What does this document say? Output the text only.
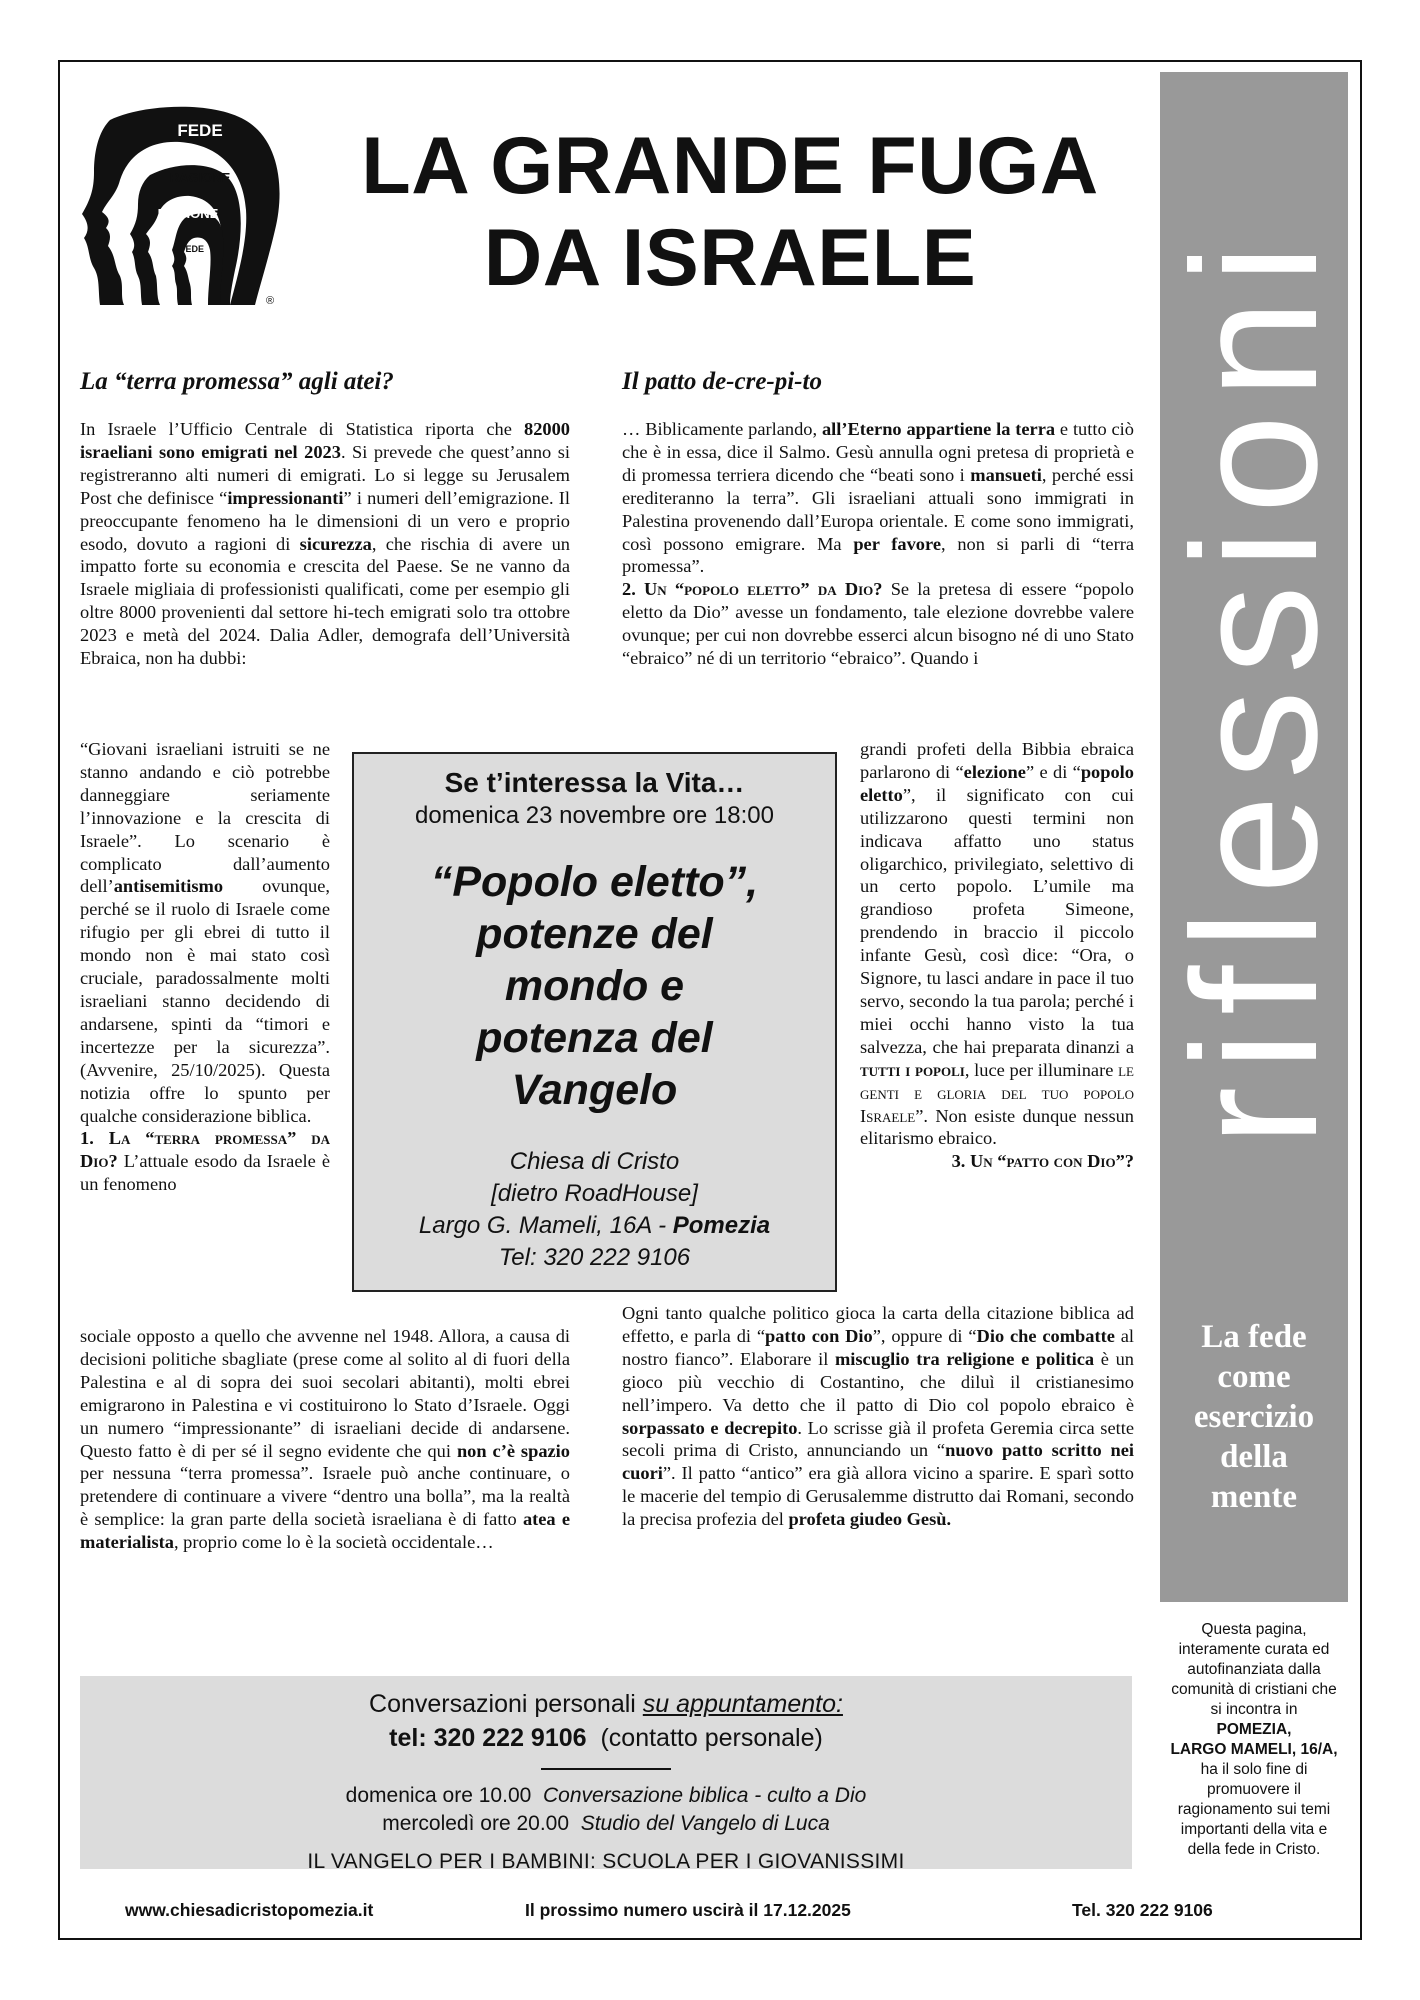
FEDE
RAGIONE
RAGIONE
FEDE
®
LA GRANDE FUGA
DA ISRAELE	riflessioni
La fede
come
esercizio
della
mente
Questa pagina, interamente curata ed autofinanziata dalla comunità di cristiani che si incontra in
POMEZIA,
LARGO MAMELI, 16/A,
ha il solo fine di promuovere il ragionamento sui temi importanti della vita e della fede in Cristo.
La “terra promessa” agli atei?

In Israele l’Ufficio Centrale di Statistica riporta che 82000 israeliani sono emigrati nel 2023. Si prevede che quest’anno si registreranno alti numeri di emigrati. Lo si legge su Jerusalem Post che definisce “impressionanti” i numeri dell’emigrazione. Il preoccupante fenomeno ha le dimensioni di un vero e proprio esodo, dovuto a ragioni di sicurezza, che rischia di avere un impatto forte su economia e crescita del Paese. Se ne vanno da Israele migliaia di professionisti qualificati, come per esempio gli oltre 8000 provenienti dal settore hi-tech emigrati solo tra ottobre 2023 e metà del 2024. Dalia Adler, demografa dell’Università Ebraica, non ha dubbi:

“Giovani israeliani istruiti se ne stanno andando e ciò potrebbe danneggiare seriamente l’innovazione e la crescita di Israele”. Lo scenario è complicato dall’aumento dell’antisemitismo ovunque, perché se il ruolo di Israele come rifugio per gli ebrei di tutto il mondo non è mai stato così cruciale, paradossalmente molti israeliani stanno decidendo di andarsene, spinti da “timori e incertezze per la sicurezza”. (Avvenire, 25/10/2025). Questa notizia offre lo spunto per qualche considerazione biblica.

1. La “terra promessa” da Dio? L’attuale esodo da Israele è un fenomeno

sociale opposto a quello che avvenne nel 1948. Allora, a causa di decisioni politiche sbagliate (prese come al solito al di fuori della Palestina e al di sopra dei suoi secolari abitanti), molti ebrei emigrarono in Palestina e vi costituirono lo Stato d’Israele. Oggi un numero “impressionante” di israeliani decide di andarsene. Questo fatto è di per sé il segno evidente che qui non c’è spazio per nessuna “terra promessa”. Israele può anche continuare, o pretendere di continuare a vivere “dentro una bolla”, ma la realtà è semplice: la gran parte della società israeliana è di fatto atea e materialista, proprio come lo è la società occidentale…

Il patto de-cre-pi-to

… Biblicamente parlando, all’Eterno appartiene la terra e tutto ciò che è in essa, dice il Salmo. Gesù annulla ogni pretesa di proprietà e di promessa terriera dicendo che “beati sono i mansueti, perché essi erediteranno la terra”. Gli israeliani attuali sono immigrati in Palestina provenendo dall’Europa orientale. E come sono immigrati, così possono emigrare. Ma per favore, non si parli di “terra promessa”.

2. Un “popolo eletto” da Dio? Se la pretesa di essere “popolo eletto da Dio” avesse un fondamento, tale elezione dovrebbe valere ovunque; per cui non dovrebbe esserci alcun bisogno né di uno Stato “ebraico” né di un territorio “ebraico”. Quando i

grandi profeti della Bibbia ebraica parlarono di “elezione” e di “popolo eletto”, il significato con cui utilizzarono questi termini non indicava affatto uno status oligarchico, privilegiato, selettivo di un certo popolo. L’umile ma grandioso profeta Simeone, prendendo in braccio il piccolo infante Gesù, così dice: “Ora, o Signore, tu lasci andare in pace il tuo servo, secondo la tua parola; perché i miei occhi hanno visto la tua salvezza, che hai preparata dinanzi a tutti i popoli, luce per illuminare le genti e gloria del tuo popolo Israele”. Non esiste dunque nessun elitarismo ebraico.

3. Un “patto con Dio”?

Ogni tanto qualche politico gioca la carta della citazione biblica ad effetto, e parla di “patto con Dio”, oppure di “Dio che combatte al nostro fianco”. Elaborare il miscuglio tra religione e politica è un gioco più vecchio di Costantino, che diluì il cristianesimo nell’impero. Va detto che il patto di Dio col popolo ebraico è sorpassato e decrepito. Lo scrisse già il profeta Geremia circa sette secoli prima di Cristo, annunciando un “nuovo patto scritto nei cuori”. Il patto “antico” era già allora vicino a sparire. E sparì sotto le macerie del tempio di Gerusalemme distrutto dai Romani, secondo la precisa profezia del profeta giudeo Gesù.

Se t’interessa la Vita…
domenica 23 novembre ore 18:00
“Popolo eletto”,
potenze del
mondo e
potenza del
Vangelo
Chiesa di Cristo
[dietro RoadHouse]
Largo G. Mameli, 16A - Pomezia
Tel: 320 222 9106
Conversazioni personali su appuntamento:
tel: 320 222 9106 (contatto personale)
domenica ore 10.00 Conversazione biblica - culto a Dio
mercoledì ore 20.00 Studio del Vangelo di Luca
IL VANGELO PER I BAMBINI: SCUOLA PER I GIOVANISSIMI
www.chiesadicristopomezia.it	Il prossimo numero uscirà il 17.12.2025	Tel. 320 222 9106
